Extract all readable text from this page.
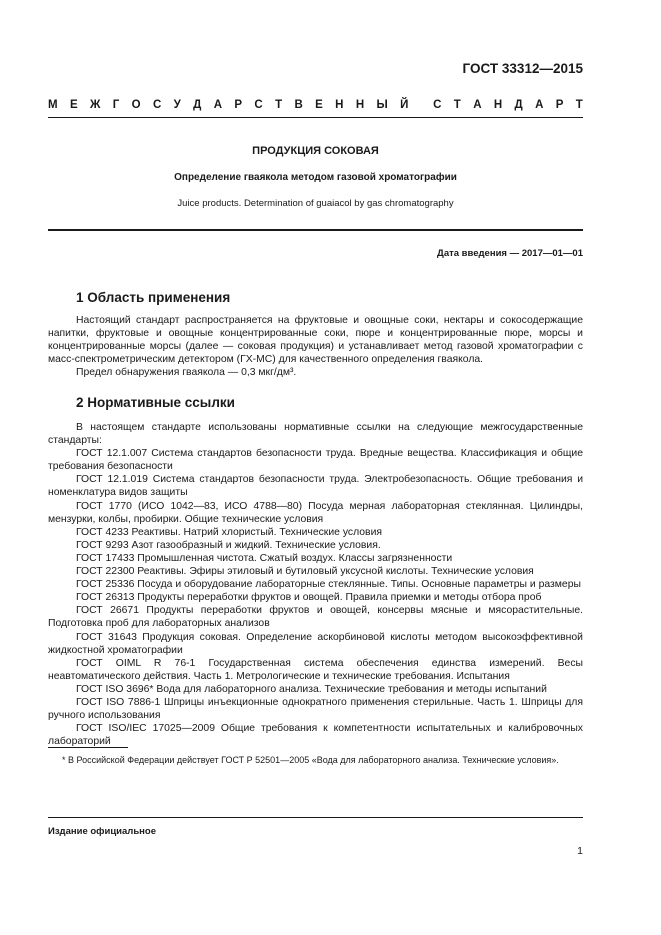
ГОСТ 33312—2015
М Е Ж Г О С У Д А Р С Т В Е Н Н Ы Й С Т А Н Д А Р Т
ПРОДУКЦИЯ СОКОВАЯ
Определение гваякола методом газовой хроматографии
Juice products. Determination of guaiacol by gas chromatography
Дата введения — 2017—01—01
1 Область применения

Настоящий стандарт распространяется на фруктовые и овощные соки, нектары и сокосодержащие напитки, фруктовые и овощные концентрированные соки, пюре и концентрированные пюре, морсы и концентрированные морсы (далее — соковая продукция) и устанавливает метод газовой хроматографии с масс-спектрометрическим детектором (ГХ-МС) для качественного определения гваякола.

Предел обнаружения гваякола — 0,3 мкг/дм³.

2 Нормативные ссылки

В настоящем стандарте использованы нормативные ссылки на следующие межгосударственные стандарты:

ГОСТ 12.1.007 Система стандартов безопасности труда. Вредные вещества. Классификация и общие требования безопасности

ГОСТ 12.1.019 Система стандартов безопасности труда. Электробезопасность. Общие требования и номенклатура видов защиты

ГОСТ 1770 (ИСО 1042—83, ИСО 4788—80) Посуда мерная лабораторная стеклянная. Цилиндры, мензурки, колбы, пробирки. Общие технические условия

ГОСТ 4233 Реактивы. Натрий хлористый. Технические условия

ГОСТ 9293 Азот газообразный и жидкий. Технические условия.

ГОСТ 17433 Промышленная чистота. Сжатый воздух. Классы загрязненности

ГОСТ 22300 Реактивы. Эфиры этиловый и бутиловый уксусной кислоты. Технические условия

ГОСТ 25336 Посуда и оборудование лабораторные стеклянные. Типы. Основные параметры и размеры

ГОСТ 26313 Продукты переработки фруктов и овощей. Правила приемки и методы отбора проб

ГОСТ 26671 Продукты переработки фруктов и овощей, консервы мясные и мясорастительные. Подготовка проб для лабораторных анализов

ГОСТ 31643 Продукция соковая. Определение аскорбиновой кислоты методом высокоэффективной жидкостной хроматографии

ГОСТ OIML R 76-1 Государственная система обеспечения единства измерений. Весы неавтоматического действия. Часть 1. Метрологические и технические требования. Испытания

ГОСТ ISO 3696* Вода для лабораторного анализа. Технические требования и методы испытаний

ГОСТ ISO 7886-1 Шприцы инъекционные однократного применения стерильные. Часть 1. Шприцы для ручного использования

ГОСТ ISO/IEC 17025—2009 Общие требования к компетентности испытательных и калибровочных лабораторий

* В Российской Федерации действует ГОСТ Р 52501—2005 «Вода для лабораторного анализа. Технические условия».

Издание официальное
1
